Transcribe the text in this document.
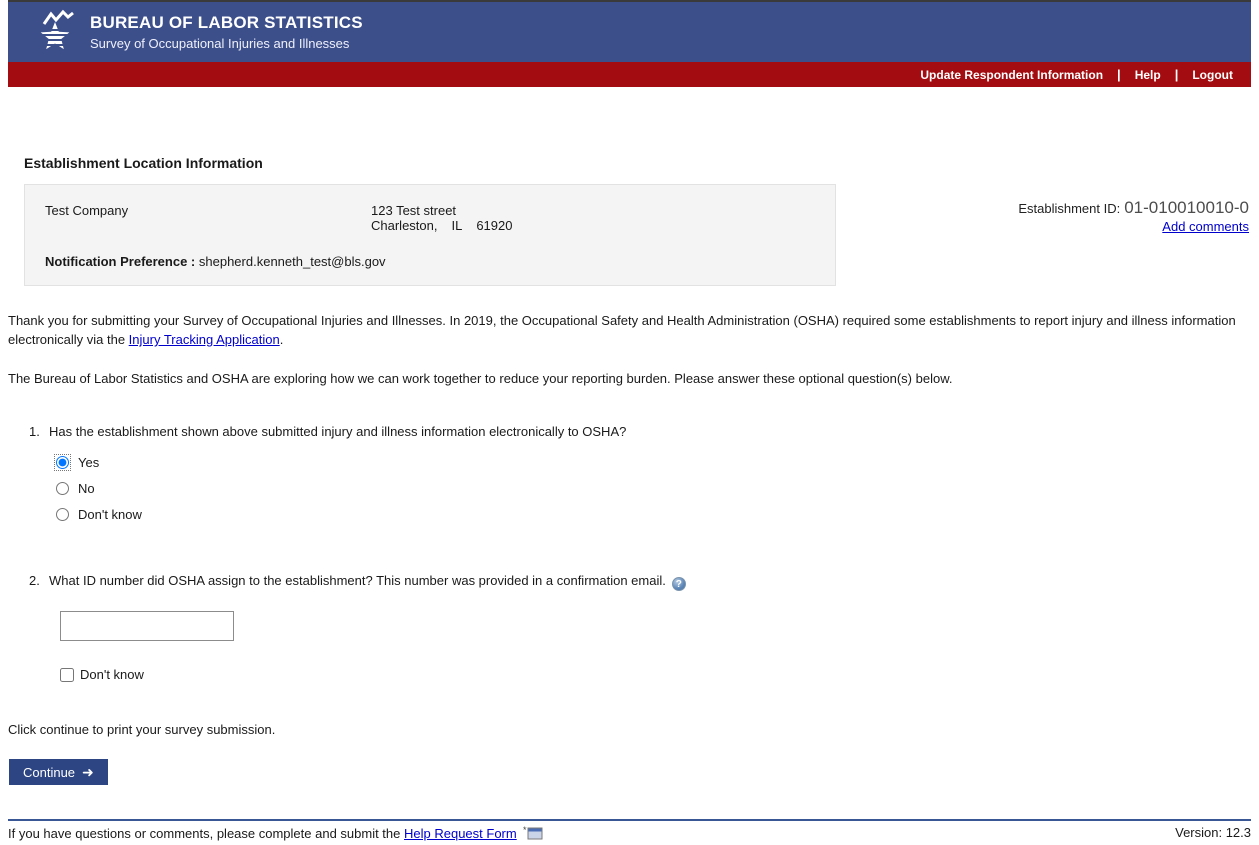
BUREAU OF LABOR STATISTICS
Survey of Occupational Injuries and Illnesses
Update Respondent Information | Help | Logout
Establishment ID: 01-010010010-0
Add comments
Establishment Location Information
Test Company	123 Test street
Charleston, IL 61920
Notification Preference : shepherd.kenneth_test@bls.gov
Thank you for submitting your Survey of Occupational Injuries and Illnesses. In 2019, the Occupational Safety and Health Administration (OSHA) required some establishments to report injury and illness information electronically via the Injury Tracking Application.
The Bureau of Labor Statistics and OSHA are exploring how we can work together to reduce your reporting burden. Please answer these optional question(s) below.
1. Has the establishment shown above submitted injury and illness information electronically to OSHA?
Yes
No
Don't know
2. What ID number did OSHA assign to the establishment? This number was provided in a confirmation email. ?
Don't know
Click continue to print your survey submission.
Continue ➜
If you have questions or comments, please complete and submit the Help Request Form *	Version: 12.3
